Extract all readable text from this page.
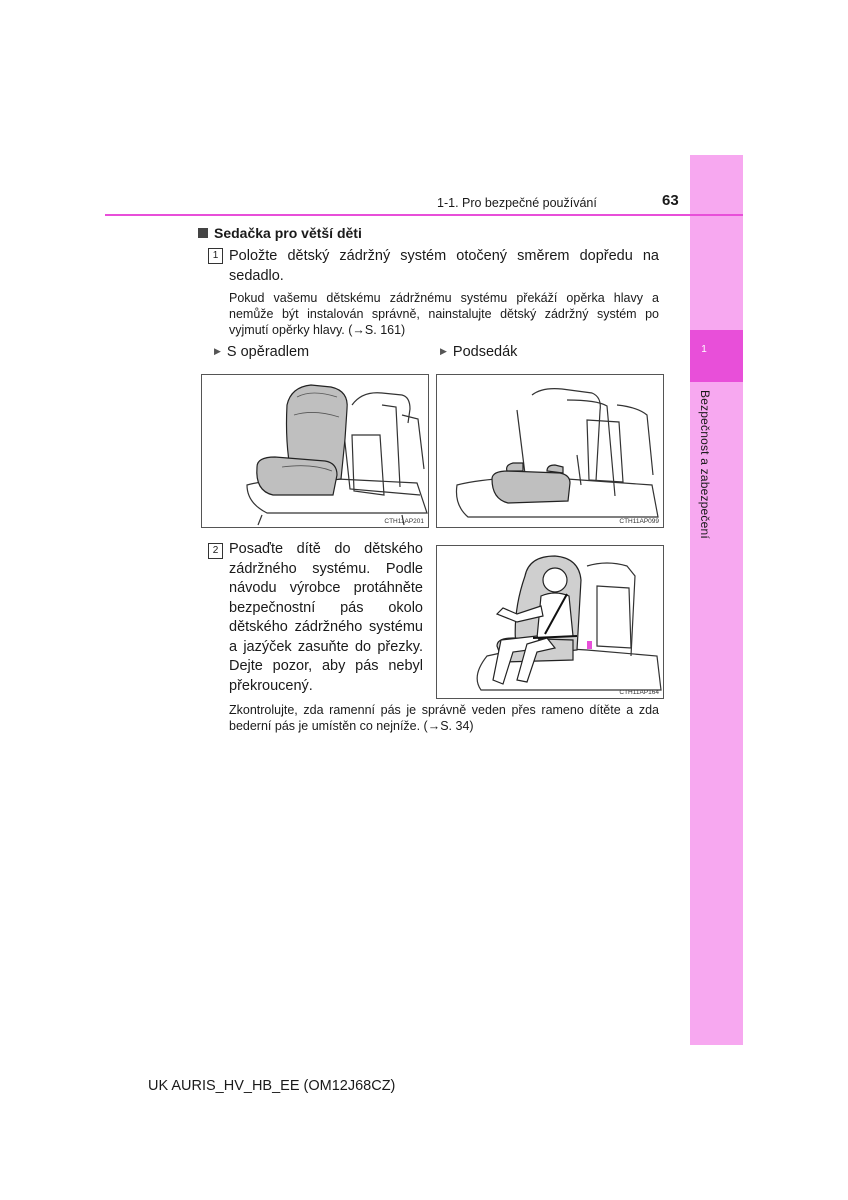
1
Bezpečnost a zabezpečení
1-1. Pro bezpečné používání	63
Sedačka pro větší děti
1 Položte dětský zádržný systém otočený směrem dopředu na sedadlo.
Pokud vašemu dětskému zádržnému systému překáží opěrka hlavy a nemůže být instalován správně, nainstalujte dětský zádržný systém po vyjmutí opěrky hlavy. (→S. 161)
▶ S opěradlem	▶ Podsedák
CTH11AP201	CTH11AP099
2 Posaďte dítě do dětského zádržného systému. Podle návodu výrobce protáhněte bezpečnostní pás okolo dětského zádržného systému a jazýček zasuňte do přezky. Dejte pozor, aby pás nebyl překroucený.	CTH11AP164
Zkontrolujte, zda ramenní pás je správně veden přes rameno dítěte a zda bederní pás je umístěn co nejníže. (→S. 34)
UK AURIS_HV_HB_EE (OM12J68CZ)
